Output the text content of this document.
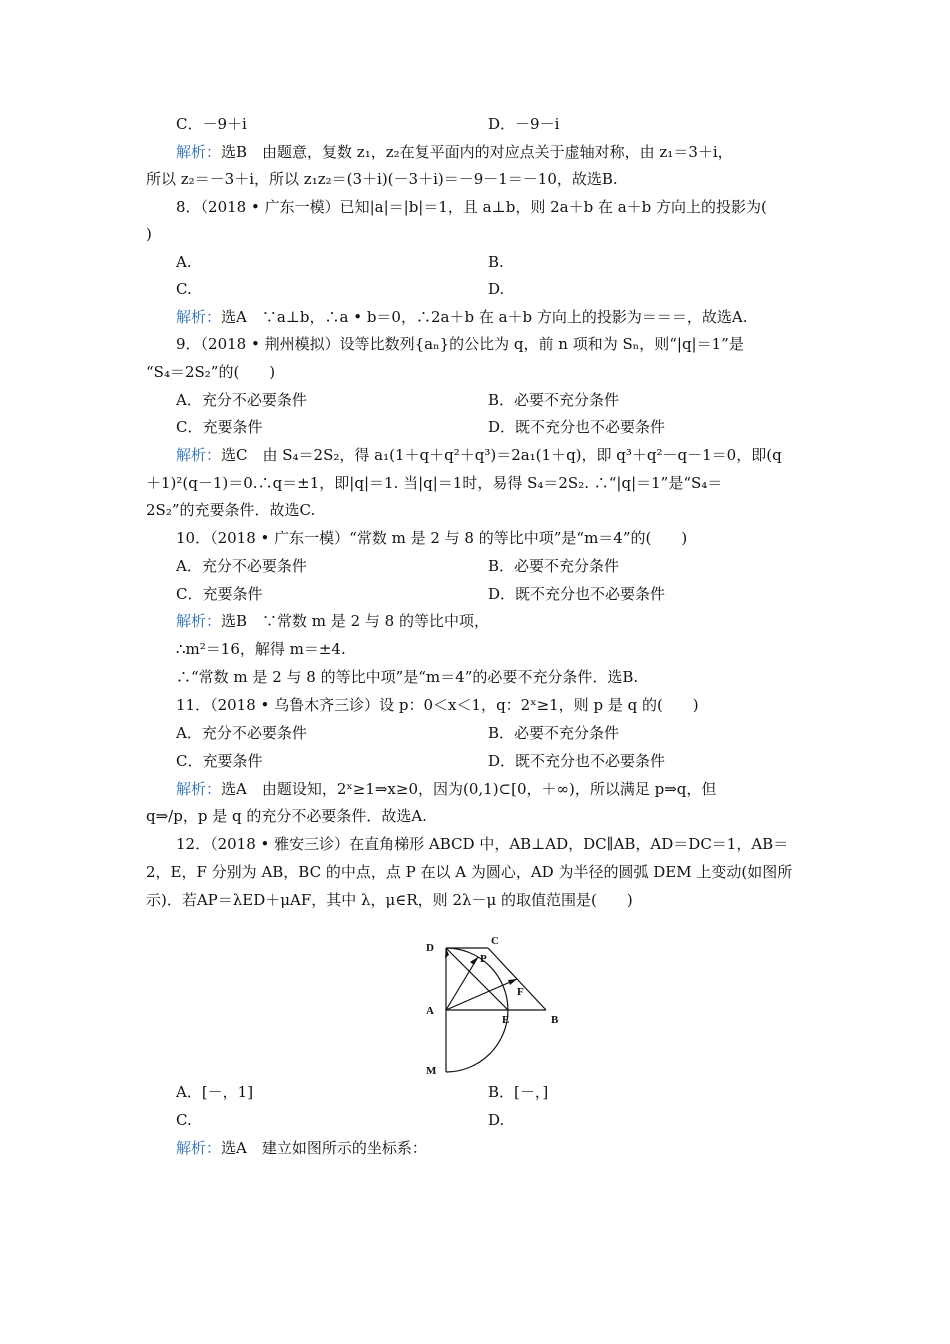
C．－9＋i	D．－9－i
解析：选B　由题意，复数 z₁，z₂在复平面内的对应点关于虚轴对称，由 z₁＝3＋i，
所以 z₂＝－3＋i，所以 z₁z₂＝(3＋i)(－3＋i)＝－9－1＝－10，故选B.
8．（2018 • 广东一模）已知|a|＝|b|＝1，且 a⊥b，则 2a＋b 在 a＋b 方向上的投影为(
)
A.	B.
C.	D.
解析：选A　∵a⊥b，∴a • b＝0，∴2a＋b 在 a＋b 方向上的投影为＝＝＝，故选A.
9．（2018 • 荆州模拟）设等比数列{aₙ}的公比为 q，前 n 项和为 Sₙ，则“|q|＝1”是
“S₄＝2S₂”的(　　)
A．充分不必要条件	B．必要不充分条件
C．充要条件	D．既不充分也不必要条件
解析：选C　由 S₄＝2S₂，得 a₁(1＋q＋q²＋q³)＝2a₁(1＋q)，即 q³＋q²－q－1＝0，即(q
＋1)²(q－1)＝0.∴q＝±1，即|q|＝1. 当|q|＝1时，易得 S₄＝2S₂. ∴“|q|＝1”是“S₄＝
2S₂”的充要条件．故选C.
10．（2018 • 广东一模）“常数 m 是 2 与 8 的等比中项”是“m＝4”的(　　)
A．充分不必要条件	B．必要不充分条件
C．充要条件	D．既不充分也不必要条件
解析：选B　∵常数 m 是 2 与 8 的等比中项，
∴m²＝16，解得 m＝±4.
∴“常数 m 是 2 与 8 的等比中项”是“m＝4”的必要不充分条件．选B.
11．（2018 • 乌鲁木齐三诊）设 p：0＜x＜1，q：2ˣ≥1，则 p 是 q 的(　　)
A．充分不必要条件	B．必要不充分条件
C．充要条件	D．既不充分也不必要条件
解析：选A　由题设知，2ˣ≥1⇒x≥0，因为(0,1)⊂[0，＋∞)，所以满足 p⇒q，但
q⇒/p，p 是 q 的充分不必要条件．故选A.
12．（2018 • 雅安三诊）在直角梯形 ABCD 中，AB⊥AD，DC∥AB，AD＝DC＝1，AB＝
2，E，F 分别为 AB，BC 的中点，点 P 在以 A 为圆心，AD 为半径的圆弧 DEM 上变动(如图所
示)．若AP＝λED＋μAF，其中 λ，μ∈R，则 2λ－μ 的取值范围是(　　)
A．[－，1]	B．[－，]
C.	D.
解析：选A　建立如图所示的坐标系：
D
C
P
F
A
E	B
M
